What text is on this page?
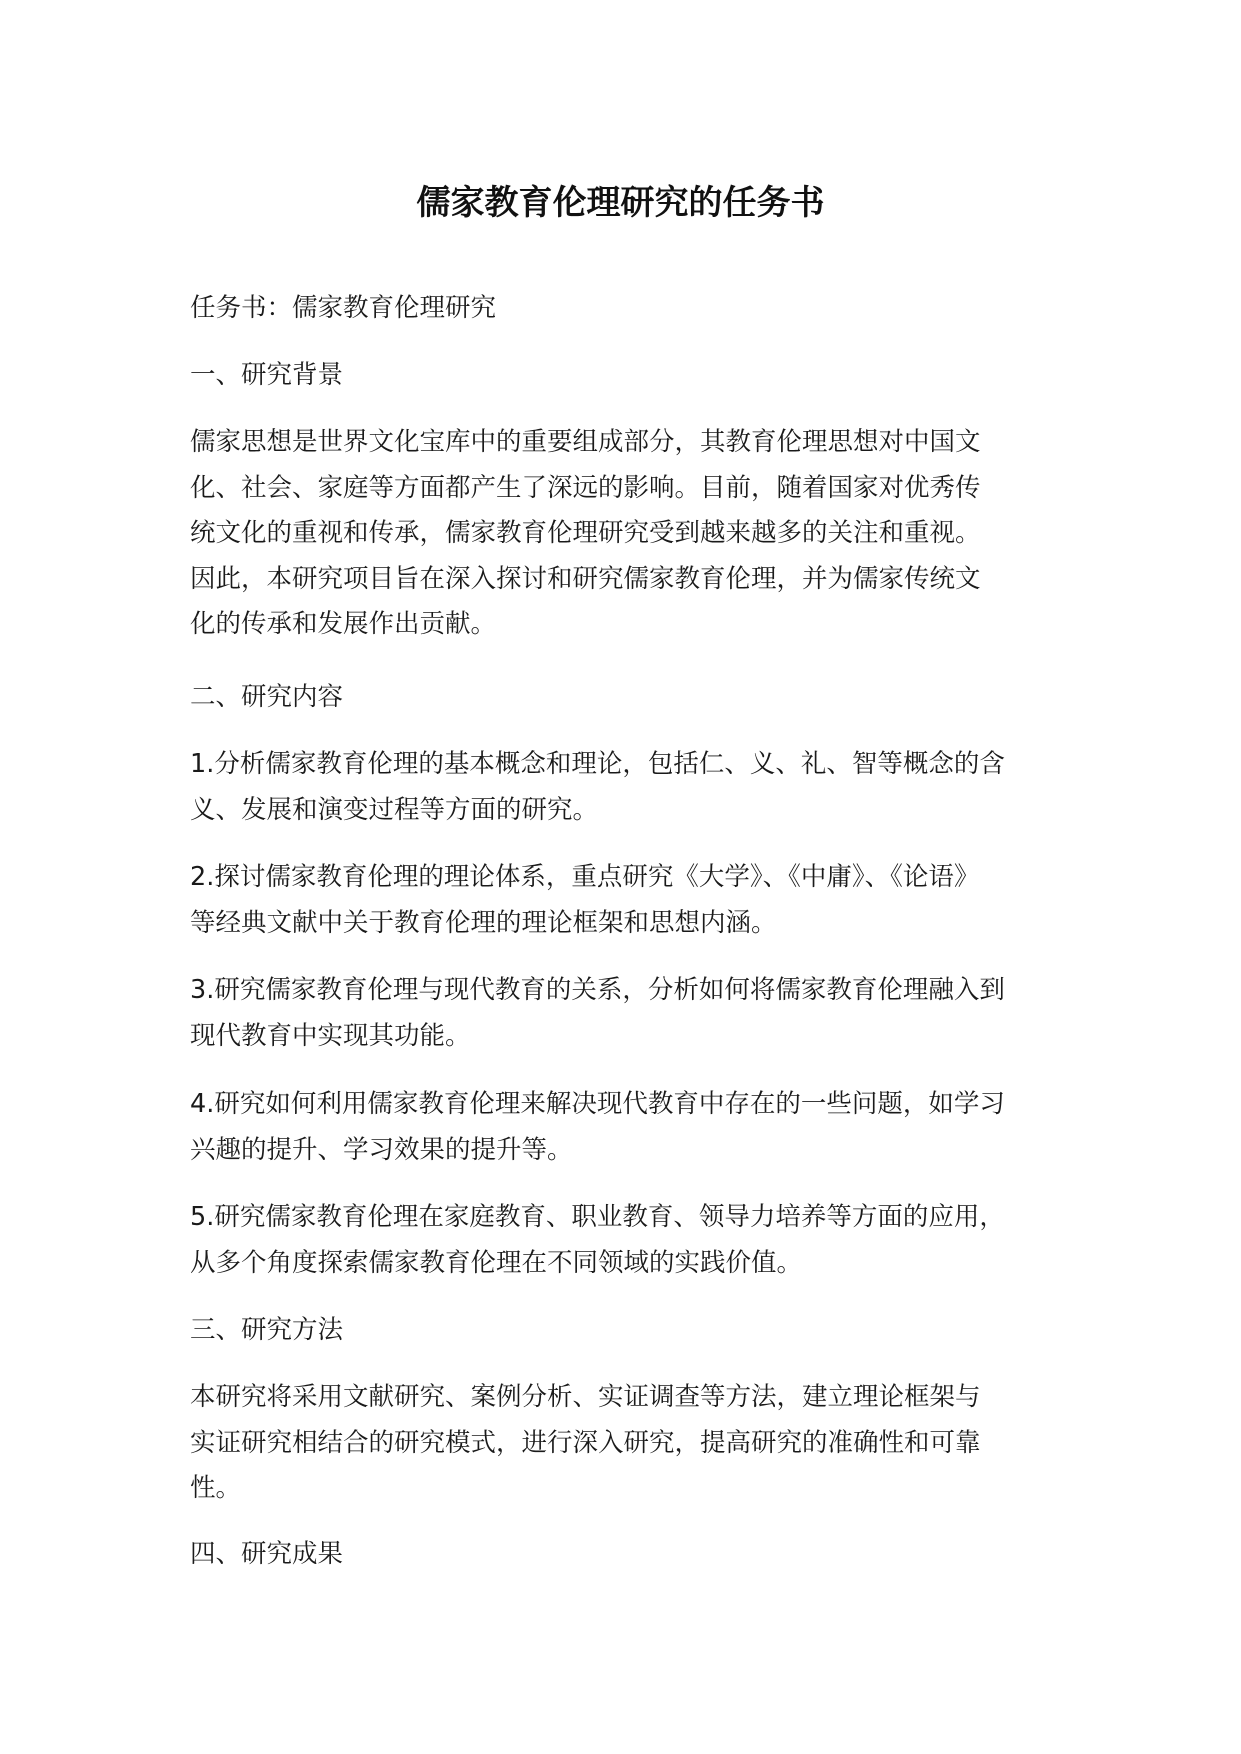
儒家教育伦理研究的任务书

任务书：儒家教育伦理研究

一、研究背景

儒家思想是世界文化宝库中的重要组成部分，其教育伦理思想对中国文
化、社会、家庭等方面都产生了深远的影响。目前，随着国家对优秀传
统文化的重视和传承，儒家教育伦理研究受到越来越多的关注和重视。
因此，本研究项目旨在深入探讨和研究儒家教育伦理，并为儒家传统文
化的传承和发展作出贡献。

二、研究内容

1.分析儒家教育伦理的基本概念和理论，包括仁、义、礼、智等概念的含
义、发展和演变过程等方面的研究。

2.探讨儒家教育伦理的理论体系，重点研究《大学》、《中庸》、《论语》
等经典文献中关于教育伦理的理论框架和思想内涵。

3.研究儒家教育伦理与现代教育的关系，分析如何将儒家教育伦理融入到
现代教育中实现其功能。

4.研究如何利用儒家教育伦理来解决现代教育中存在的一些问题，如学习
兴趣的提升、学习效果的提升等。

5.研究儒家教育伦理在家庭教育、职业教育、领导力培养等方面的应用，
从多个角度探索儒家教育伦理在不同领域的实践价值。

三、研究方法

本研究将采用文献研究、案例分析、实证调查等方法，建立理论框架与
实证研究相结合的研究模式，进行深入研究，提高研究的准确性和可靠
性。

四、研究成果
